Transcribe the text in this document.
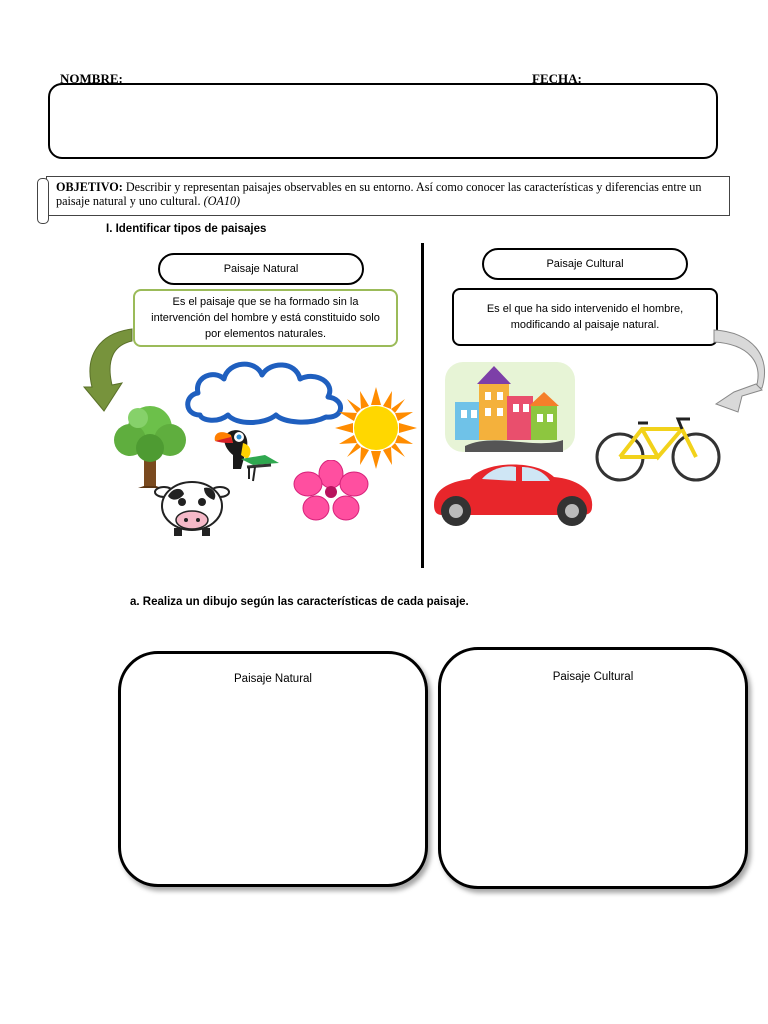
NOMBRE:	FECHA:
OBJETIVO: Describir y representan paisajes observables en su entorno. Así como conocer las características y diferencias entre un paisaje natural y uno cultural. (OA10)
I. Identificar tipos de paisajes
Paisaje Natural
Es el paisaje que se ha formado sin la intervención del hombre y está constituido solo por elementos naturales.
Paisaje Cultural
Es el que ha sido intervenido el hombre, modificando al paisaje natural.
a. Realiza un dibujo según las características de cada paisaje.
Paisaje Natural	Paisaje Cultural
